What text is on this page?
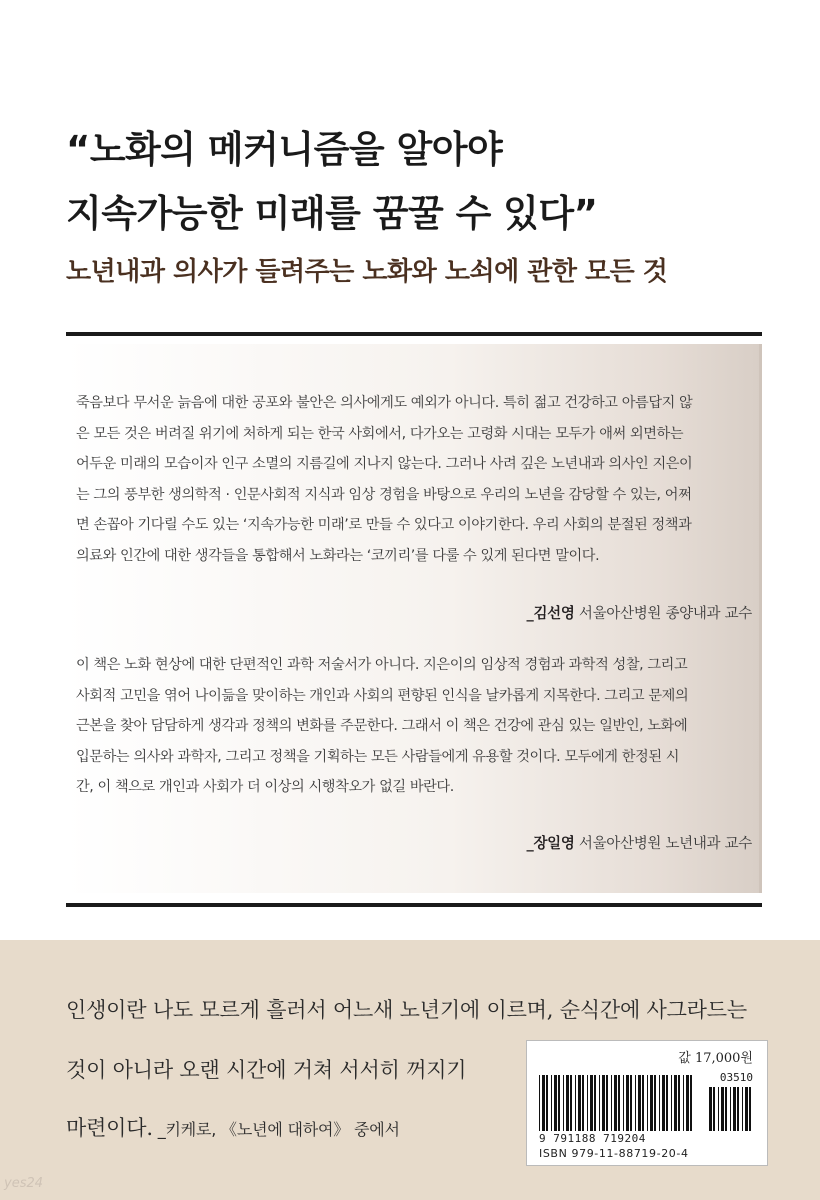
“노화의 메커니즘을 알아야
지속가능한 미래를 꿈꿀 수 있다”
노년내과 의사가 들려주는 노화와 노쇠에 관한 모든 것
죽음보다 무서운 늙음에 대한 공포와 불안은 의사에게도 예외가 아니다. 특히 젊고 건강하고 아름답지 않
은 모든 것은 버려질 위기에 처하게 되는 한국 사회에서, 다가오는 고령화 시대는 모두가 애써 외면하는
어두운 미래의 모습이자 인구 소멸의 지름길에 지나지 않는다. 그러나 사려 깊은 노년내과 의사인 지은이
는 그의 풍부한 생의학적 · 인문사회적 지식과 임상 경험을 바탕으로 우리의 노년을 감당할 수 있는, 어쩌
면 손꼽아 기다릴 수도 있는 ‘지속가능한 미래’로 만들 수 있다고 이야기한다. 우리 사회의 분절된 정책과
의료와 인간에 대한 생각들을 통합해서 노화라는 ‘코끼리’를 다룰 수 있게 된다면 말이다.
_김선영 서울아산병원 종양내과 교수
이 책은 노화 현상에 대한 단편적인 과학 저술서가 아니다. 지은이의 임상적 경험과 과학적 성찰, 그리고
사회적 고민을 엮어 나이듦을 맞이하는 개인과 사회의 편향된 인식을 날카롭게 지목한다. 그리고 문제의
근본을 찾아 담담하게 생각과 정책의 변화를 주문한다. 그래서 이 책은 건강에 관심 있는 일반인, 노화에
입문하는 의사와 과학자, 그리고 정책을 기획하는 모든 사람들에게 유용할 것이다. 모두에게 한정된 시
간, 이 책으로 개인과 사회가 더 이상의 시행착오가 없길 바란다.
_장일영 서울아산병원 노년내과 교수
인생이란 나도 모르게 흘러서 어느새 노년기에 이르며, 순식간에 사그라드는
것이 아니라 오랜 시간에 거쳐 서서히 꺼지기
마련이다. _키케로, 《노년에 대하여》 중에서
값 17,000원
03510
9 791188 719204
ISBN 979-11-88719-20-4
yes24
